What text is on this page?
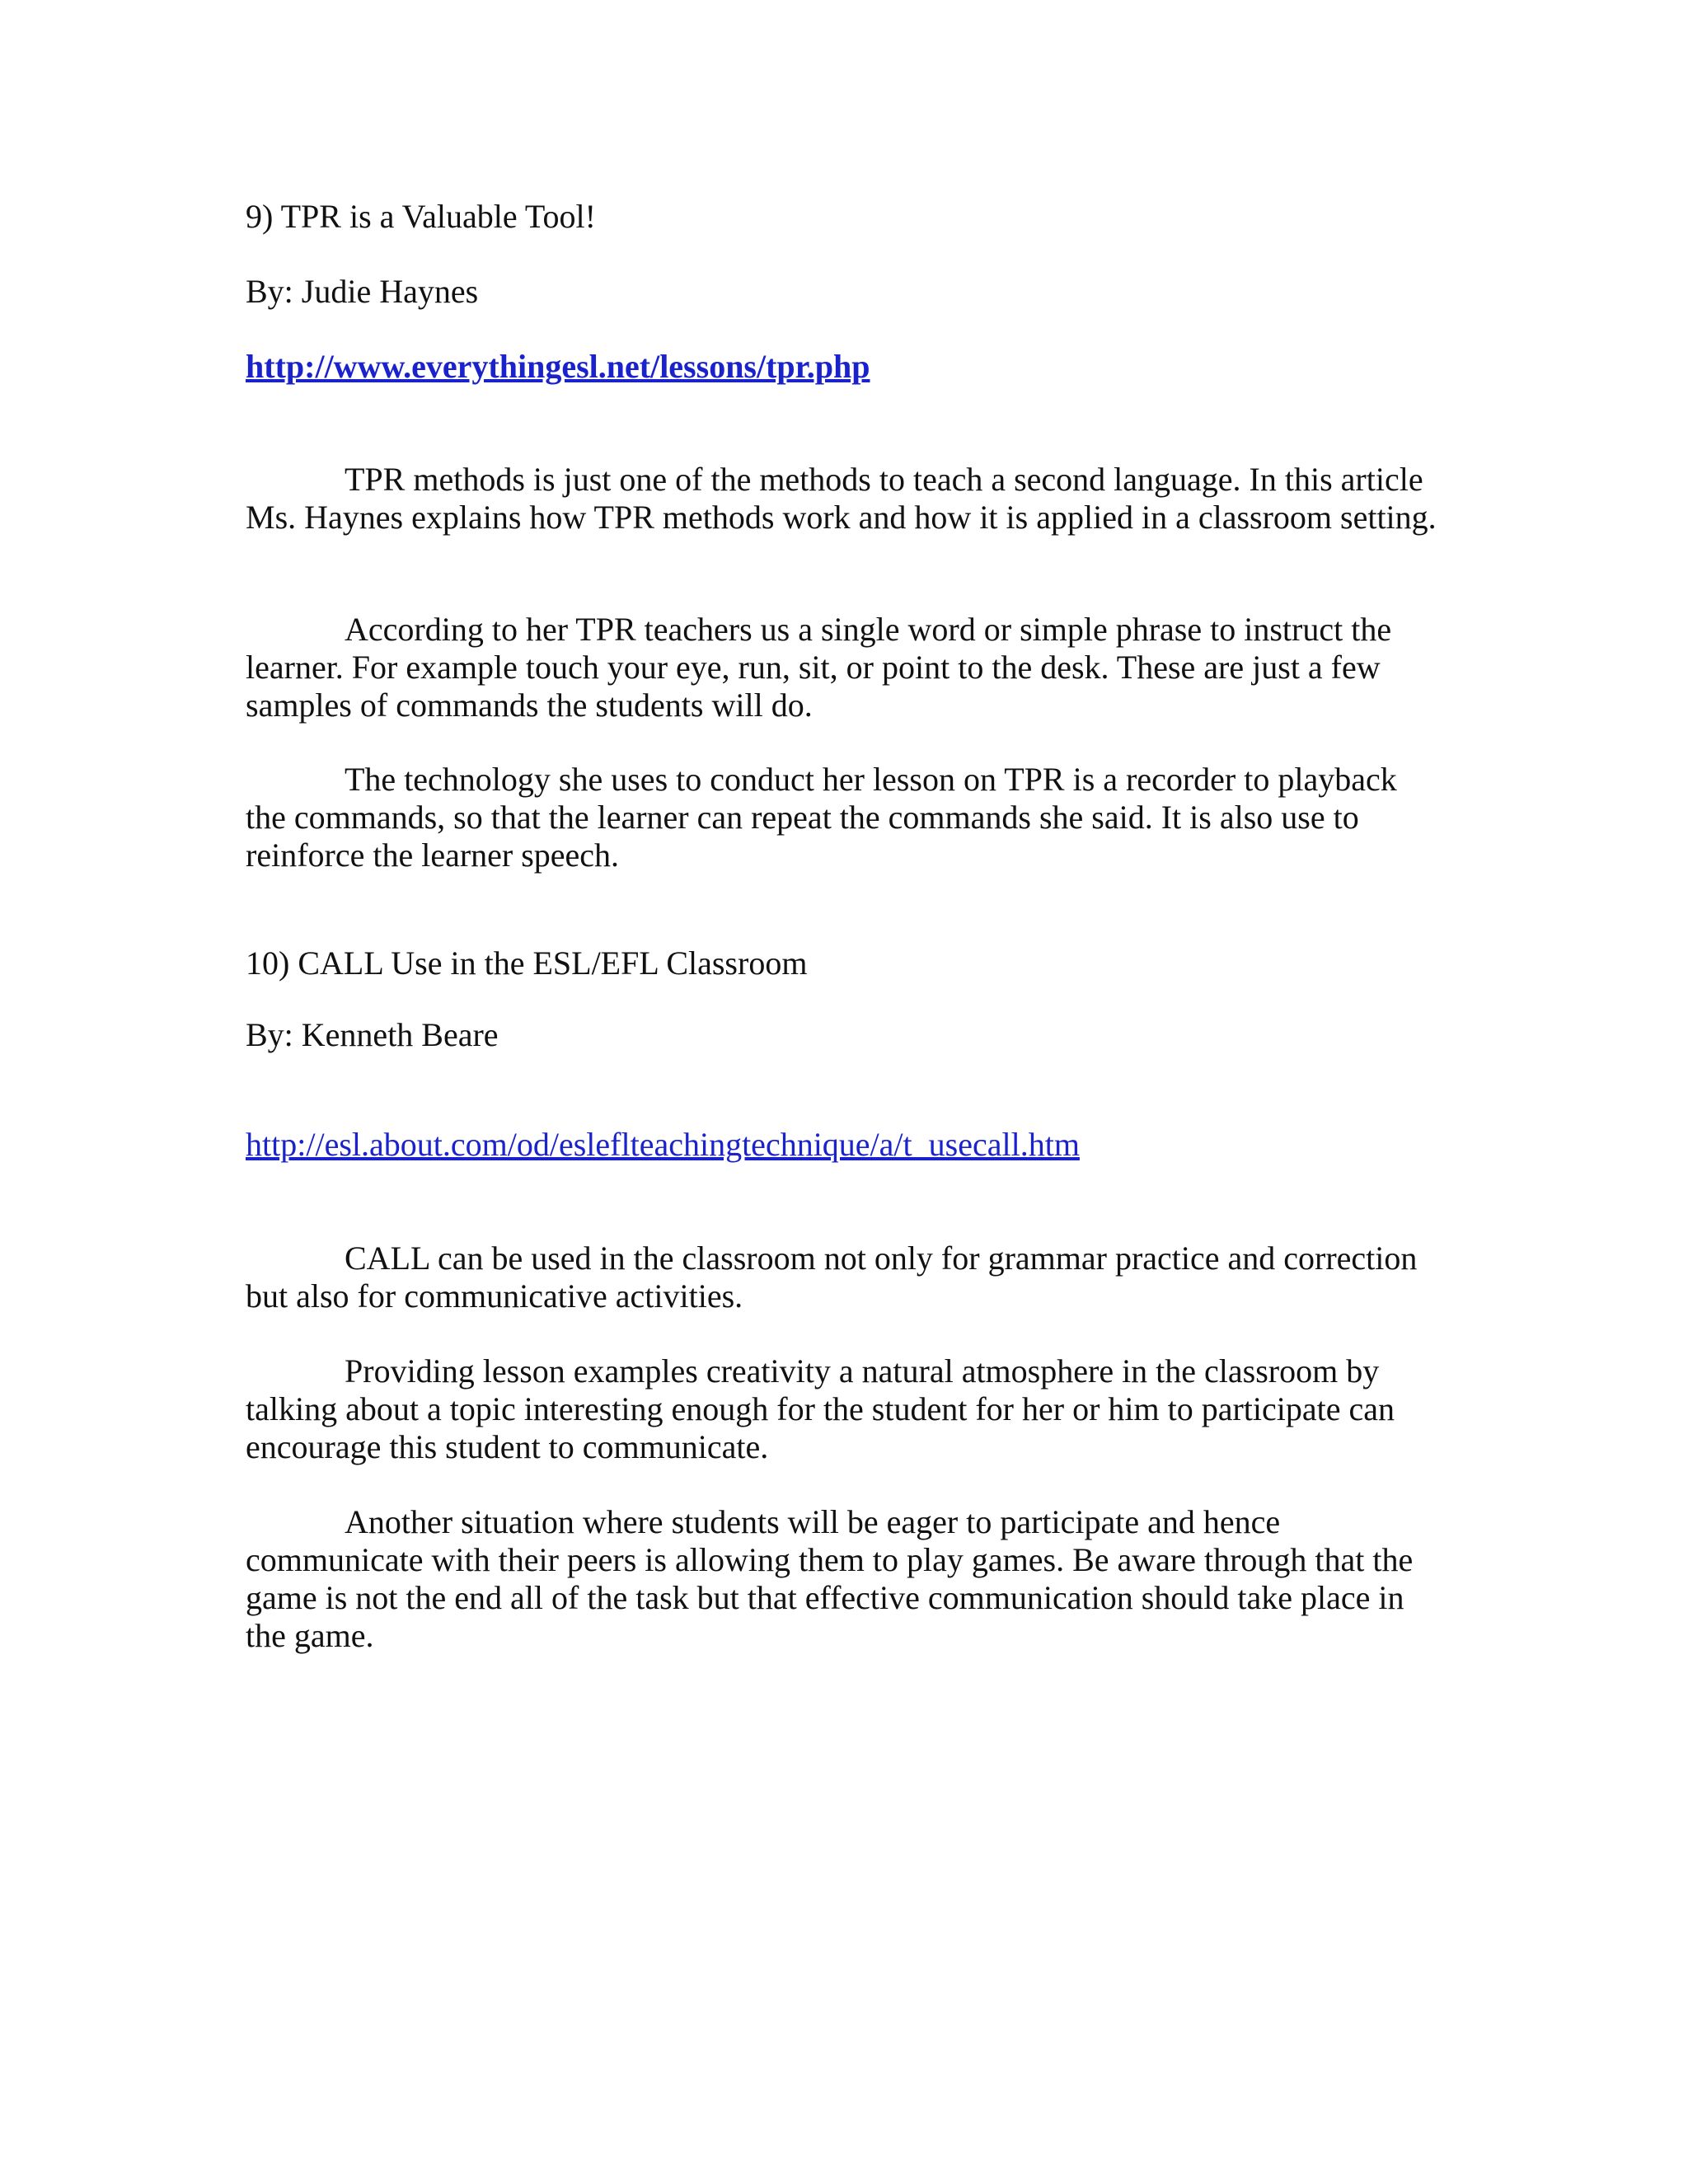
9) TPR is a Valuable Tool!
By: Judie Haynes
http://www.everythingesl.net/lessons/tpr.php

TPR methods is just one of the methods to teach a second language. In this article Ms. Haynes explains how TPR methods work and how it is applied in a classroom setting.

According to her TPR teachers us a single word or simple phrase to instruct the learner. For example touch your eye, run, sit, or point to the desk. These are just a few samples of commands the students will do.

The technology she uses to conduct her lesson on TPR is a recorder to playback the commands, so that the learner can repeat the commands she said. It is also use to reinforce the learner speech.

10) CALL Use in the ESL/EFL Classroom
By: Kenneth Beare
http://esl.about.com/od/esleflteachingtechnique/a/t_usecall.htm

CALL can be used in the classroom not only for grammar practice and correction but also for communicative activities.

Providing lesson examples creativity a natural atmosphere in the classroom by talking about a topic interesting enough for the student for her or him to participate can encourage this student to communicate.

Another situation where students will be eager to participate and hence communicate with their peers is allowing them to play games. Be aware through that the game is not the end all of the task but that effective communication should take place in the game.
